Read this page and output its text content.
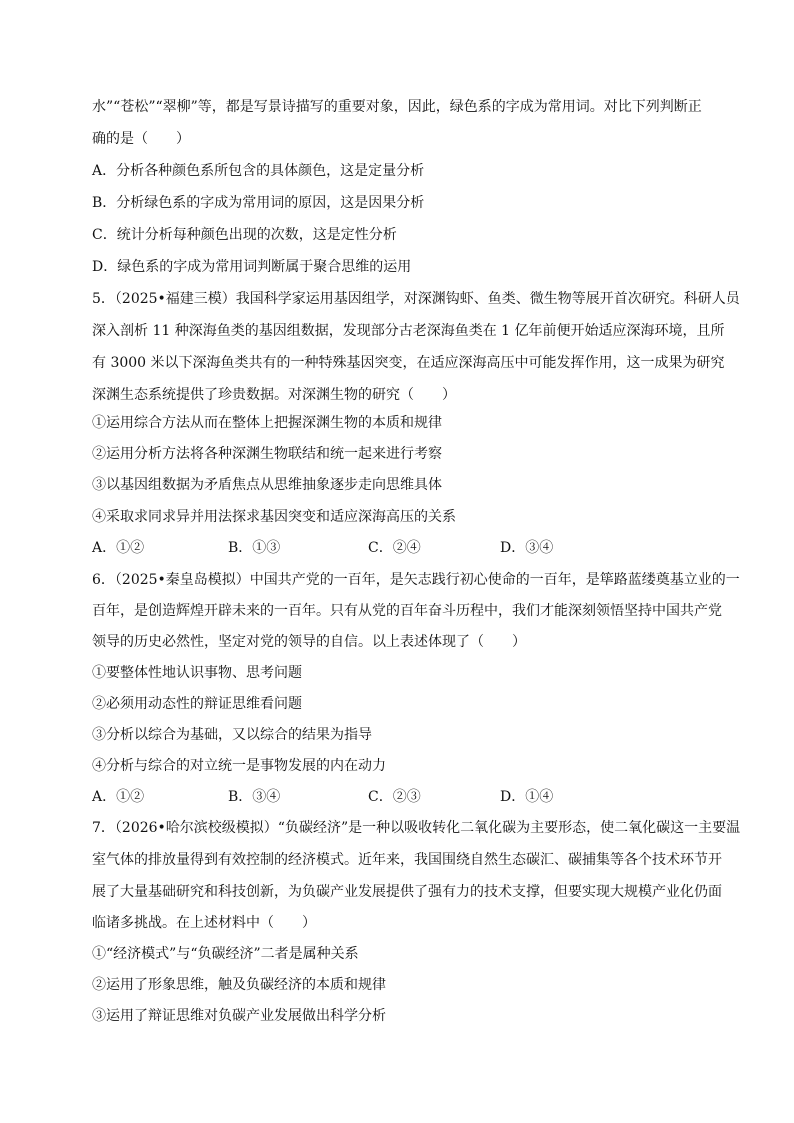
水”“苍松”“翠柳”等，都是写景诗描写的重要对象，因此，绿色系的字成为常用词。对比下列判断正
确的是（　　）
A．分析各种颜色系所包含的具体颜色，这是定量分析
B．分析绿色系的字成为常用词的原因，这是因果分析
C．统计分析每种颜色出现的次数，这是定性分析
D．绿色系的字成为常用词判断属于聚合思维的运用
5．（2025•福建三模）我国科学家运用基因组学，对深渊钩虾、鱼类、微生物等展开首次研究。科研人员
深入剖析 11 种深海鱼类的基因组数据，发现部分古老深海鱼类在 1 亿年前便开始适应深海环境，且所
有 3000 米以下深海鱼类共有的一种特殊基因突变，在适应深海高压中可能发挥作用，这一成果为研究
深渊生态系统提供了珍贵数据。对深渊生物的研究（　　）
①运用综合方法从而在整体上把握深渊生物的本质和规律
②运用分析方法将各种深渊生物联结和统一起来进行考察
③以基因组数据为矛盾焦点从思维抽象逐步走向思维具体
④采取求同求异并用法探求基因突变和适应深海高压的关系
A．①②	B．①③	C．②④	D．③④
6．（2025•秦皇岛模拟）中国共产党的一百年，是矢志践行初心使命的一百年，是筚路蓝缕奠基立业的一
百年，是创造辉煌开辟未来的一百年。只有从党的百年奋斗历程中，我们才能深刻领悟坚持中国共产党
领导的历史必然性，坚定对党的领导的自信。以上表述体现了（　　）
①要整体性地认识事物、思考问题
②必须用动态性的辩证思维看问题
③分析以综合为基础，又以综合的结果为指导
④分析与综合的对立统一是事物发展的内在动力
A．①②	B．③④	C．②③	D．①④
7．（2026•哈尔滨校级模拟）“负碳经济”是一种以吸收转化二氧化碳为主要形态，使二氧化碳这一主要温
室气体的排放量得到有效控制的经济模式。近年来，我国围绕自然生态碳汇、碳捕集等各个技术环节开
展了大量基础研究和科技创新，为负碳产业发展提供了强有力的技术支撑，但要实现大规模产业化仍面
临诸多挑战。在上述材料中（　　）
①“经济模式”与“负碳经济”二者是属种关系
②运用了形象思维，触及负碳经济的本质和规律
③运用了辩证思维对负碳产业发展做出科学分析
